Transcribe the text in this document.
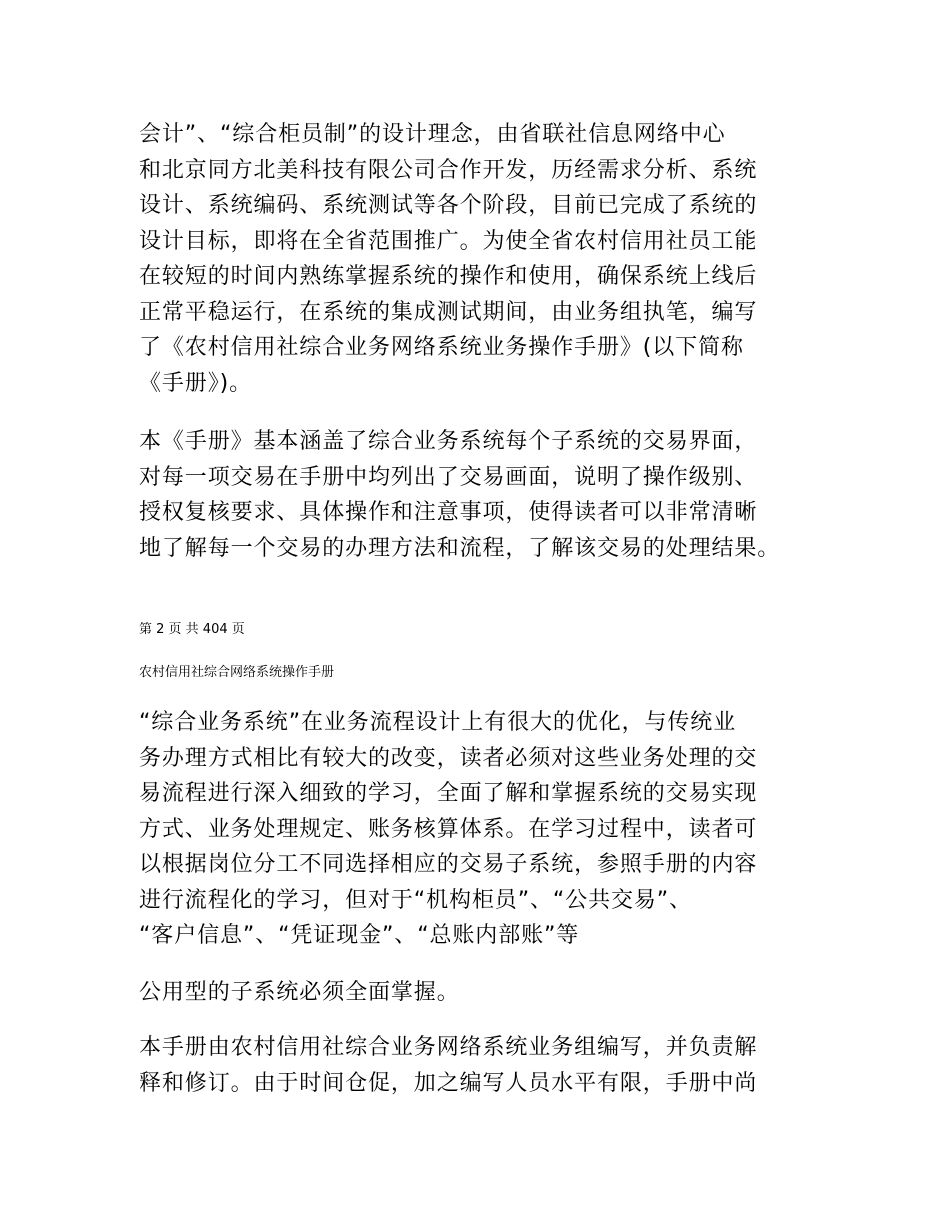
会计”、“综合柜员制”的设计理念，由省联社信息网络中心
和北京同方北美科技有限公司合作开发，历经需求分析、系统
设计、系统编码、系统测试等各个阶段，目前已完成了系统的
设计目标，即将在全省范围推广。为使全省农村信用社员工能
在较短的时间内熟练掌握系统的操作和使用，确保系统上线后
正常平稳运行，在系统的集成测试期间，由业务组执笔，编写
了《农村信用社综合业务网络系统业务操作手册》(以下简称
《手册》)。

本《手册》基本涵盖了综合业务系统每个子系统的交易界面，
对每一项交易在手册中均列出了交易画面，说明了操作级别、
授权复核要求、具体操作和注意事项，使得读者可以非常清晰
地了解每一个交易的办理方法和流程，了解该交易的处理结果。

第 2 页 共 404 页

农村信用社综合网络系统操作手册

“综合业务系统”在业务流程设计上有很大的优化，与传统业
务办理方式相比有较大的改变，读者必须对这些业务处理的交
易流程进行深入细致的学习，全面了解和掌握系统的交易实现
方式、业务处理规定、账务核算体系。在学习过程中，读者可
以根据岗位分工不同选择相应的交易子系统，参照手册的内容
进行流程化的学习，但对于“机构柜员”、“公共交易”、
“客户信息”、“凭证现金”、“总账内部账”等

公用型的子系统必须全面掌握。

本手册由农村信用社综合业务网络系统业务组编写，并负责解
释和修订。由于时间仓促，加之编写人员水平有限，手册中尚
